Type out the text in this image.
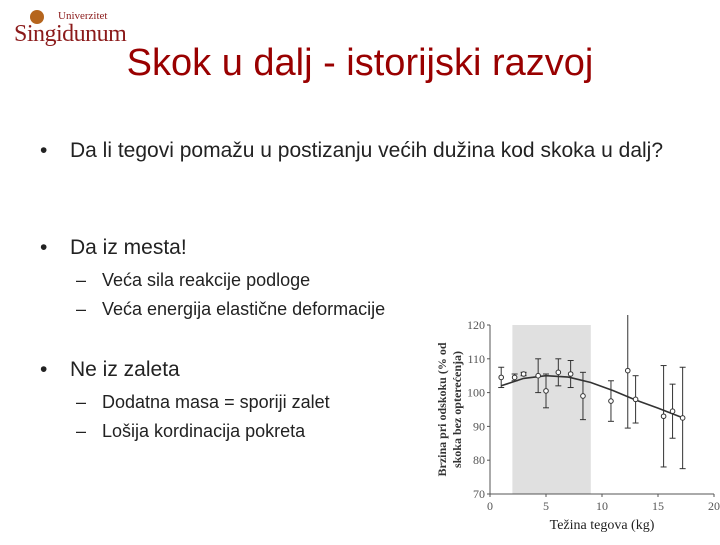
Univerzitet
Singidunum
Skok u dalj - istorijski razvoj
• Da li tegovi pomažu u postizanju većih dužina kod skoka u dalj?
• Da iz mesta!
– Veća sila reakcije podloge
– Veća energija elastične deformacije
• Ne iz zaleta
– Dodatna masa = sporiji zalet
– Lošija kordinacija pokreta
70
80
90
100
110
120
0	5	10	15	20
Težina tegova (kg)
Brzina pri odskoku (% od skoka bez opterećenja)
